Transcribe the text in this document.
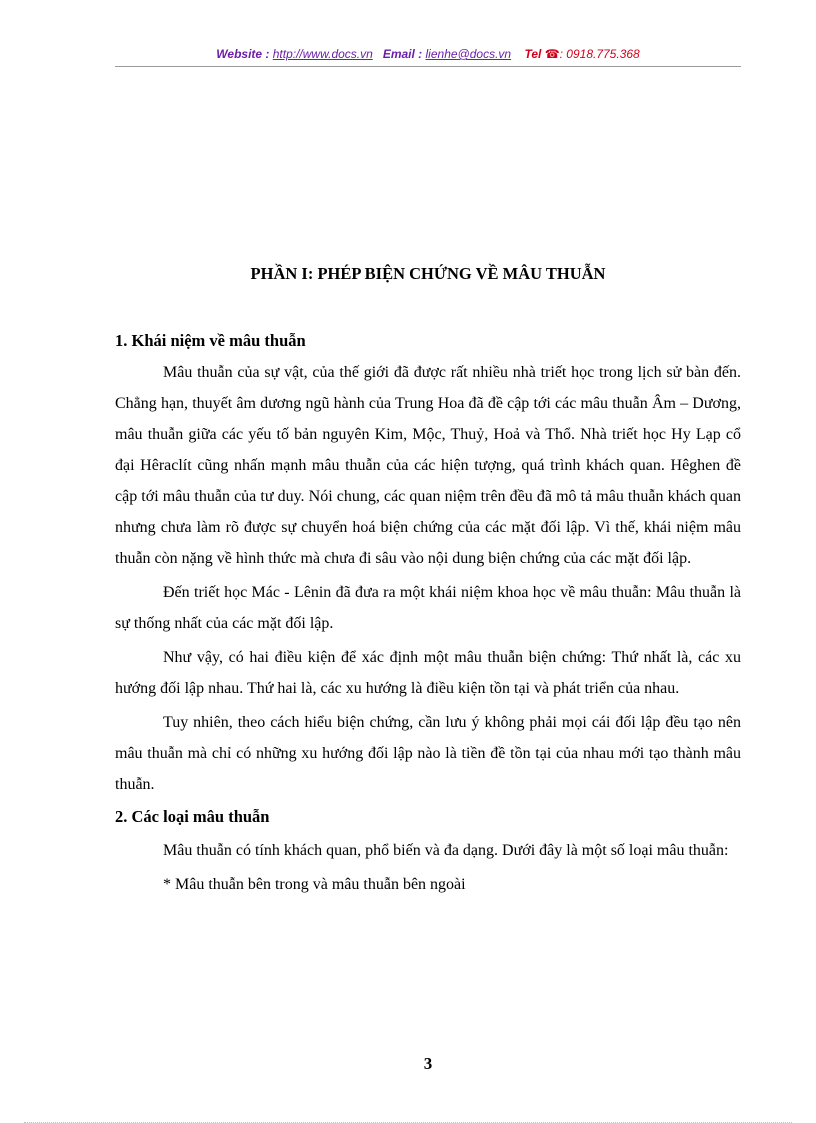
Website : http://www.docs.vn Email : lienhe@docs.vn Tel ☎: 0918.775.368
PHẦN I: PHÉP BIỆN CHỨNG VỀ MÂU THUẪN

1. Khái niệm về mâu thuẫn

Mâu thuẫn của sự vật, của thế giới đã được rất nhiều nhà triết học trong lịch sử bàn đến. Chẳng hạn, thuyết âm dương ngũ hành của Trung Hoa đã đề cập tới các mâu thuẫn Âm – Dương, mâu thuẫn giữa các yếu tố bản nguyên Kim, Mộc, Thuỷ, Hoả và Thổ. Nhà triết học Hy Lạp cổ đại Hêraclít cũng nhấn mạnh mâu thuẫn của các hiện tượng, quá trình khách quan. Hêghen đề cập tới mâu thuẫn của tư duy. Nói chung, các quan niệm trên đều đã mô tả mâu thuẫn khách quan nhưng chưa làm rõ được sự chuyển hoá biện chứng của các mặt đối lập. Vì thế, khái niệm mâu thuẫn còn nặng về hình thức mà chưa đi sâu vào nội dung biện chứng của các mặt đối lập.

Đến triết học Mác - Lênin đã đưa ra một khái niệm khoa học về mâu thuẫn: Mâu thuẫn là sự thống nhất của các mặt đối lập.

Như vậy, có hai điều kiện để xác định một mâu thuẫn biện chứng: Thứ nhất là, các xu hướng đối lập nhau. Thứ hai là, các xu hướng là điều kiện tồn tại và phát triển của nhau.

Tuy nhiên, theo cách hiểu biện chứng, cần lưu ý không phải mọi cái đối lập đều tạo nên mâu thuẫn mà chỉ có những xu hướng đối lập nào là tiền đề tồn tại của nhau mới tạo thành mâu thuẫn.

2. Các loại mâu thuẫn

Mâu thuẫn có tính khách quan, phổ biến và đa dạng. Dưới đây là một số loại mâu thuẫn:

* Mâu thuẫn bên trong và mâu thuẫn bên ngoài

3
